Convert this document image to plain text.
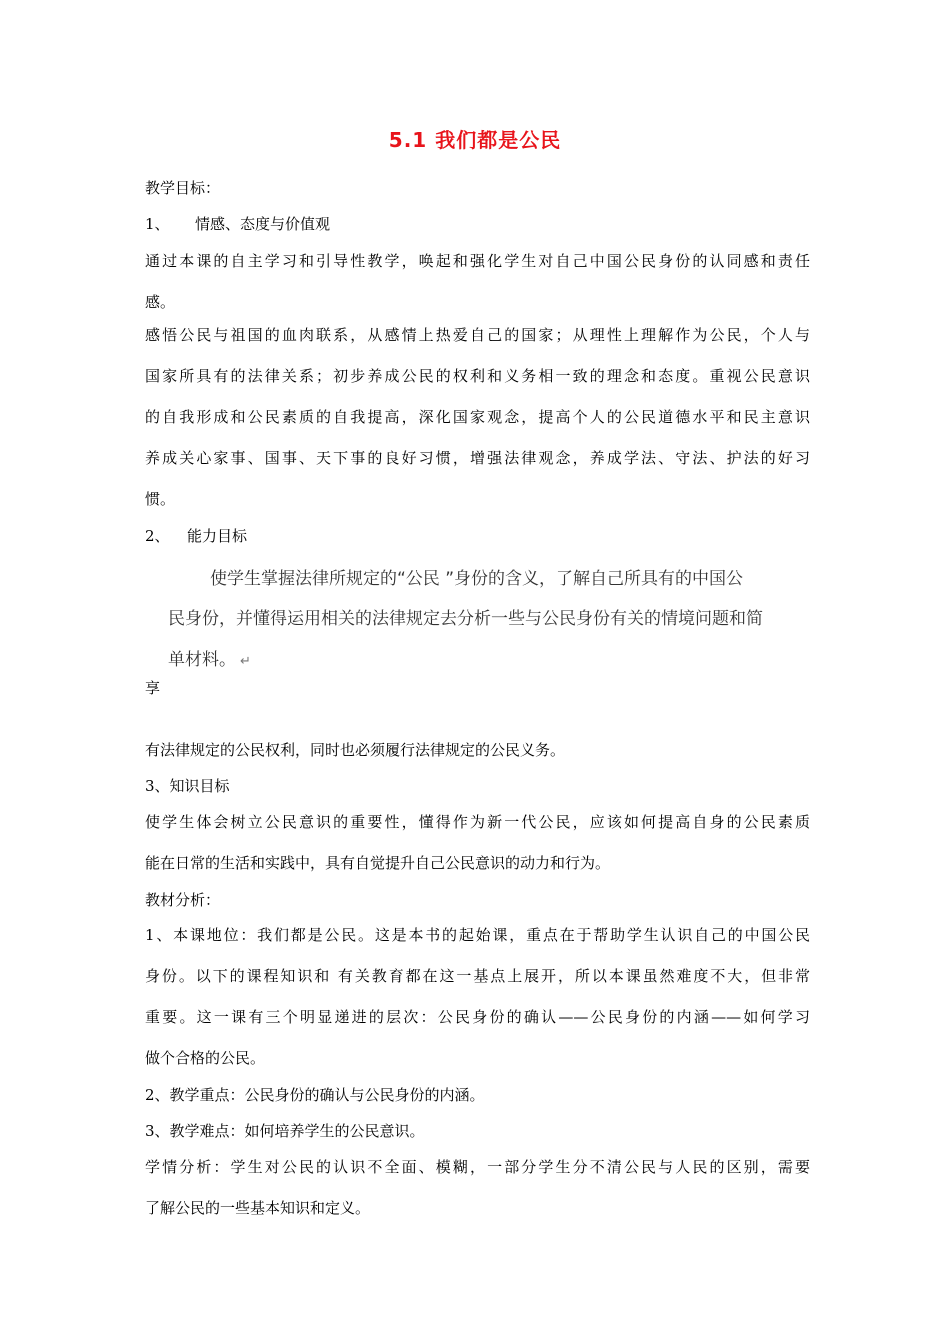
5.1 我们都是公民
教学目标：
1、 情感、态度与价值观
通过本课的自主学习和引导性教学，唤起和强化学生对自己中国公民身份的认同感和责任
感。
感悟公民与祖国的血肉联系，从感情上热爱自己的国家；从理性上理解作为公民，个人与
国家所具有的法律关系；初步养成公民的权利和义务相一致的理念和态度。重视公民意识
的自我形成和公民素质的自我提高，深化国家观念，提高个人的公民道德水平和民主意识
养成关心家事、国事、天下事的良好习惯，增强法律观念，养成学法、守法、护法的好习
惯。
2、 能力目标
使学生掌握法律所规定的“公民 ”身份的含义，了解自己所具有的中国公
民身份，并懂得运用相关的法律规定去分析一些与公民身份有关的情境问题和简
单材料。 ↵
享
有法律规定的公民权利，同时也必须履行法律规定的公民义务。
3、知识目标
使学生体会树立公民意识的重要性，懂得作为新一代公民，应该如何提高自身的公民素质
能在日常的生活和实践中，具有自觉提升自己公民意识的动力和行为。
教材分析：
1、本课地位：我们都是公民。这是本书的起始课，重点在于帮助学生认识自己的中国公民
身份。以下的课程知识和 有关教育都在这一基点上展开，所以本课虽然难度不大，但非常
重要。这一课有三个明显递进的层次：公民身份的确认——公民身份的内涵——如何学习
做个合格的公民。
2、教学重点：公民身份的确认与公民身份的内涵。
3、教学难点：如何培养学生的公民意识。
学情分析：学生对公民的认识不全面、模糊，一部分学生分不清公民与人民的区别，需要
了解公民的一些基本知识和定义。
